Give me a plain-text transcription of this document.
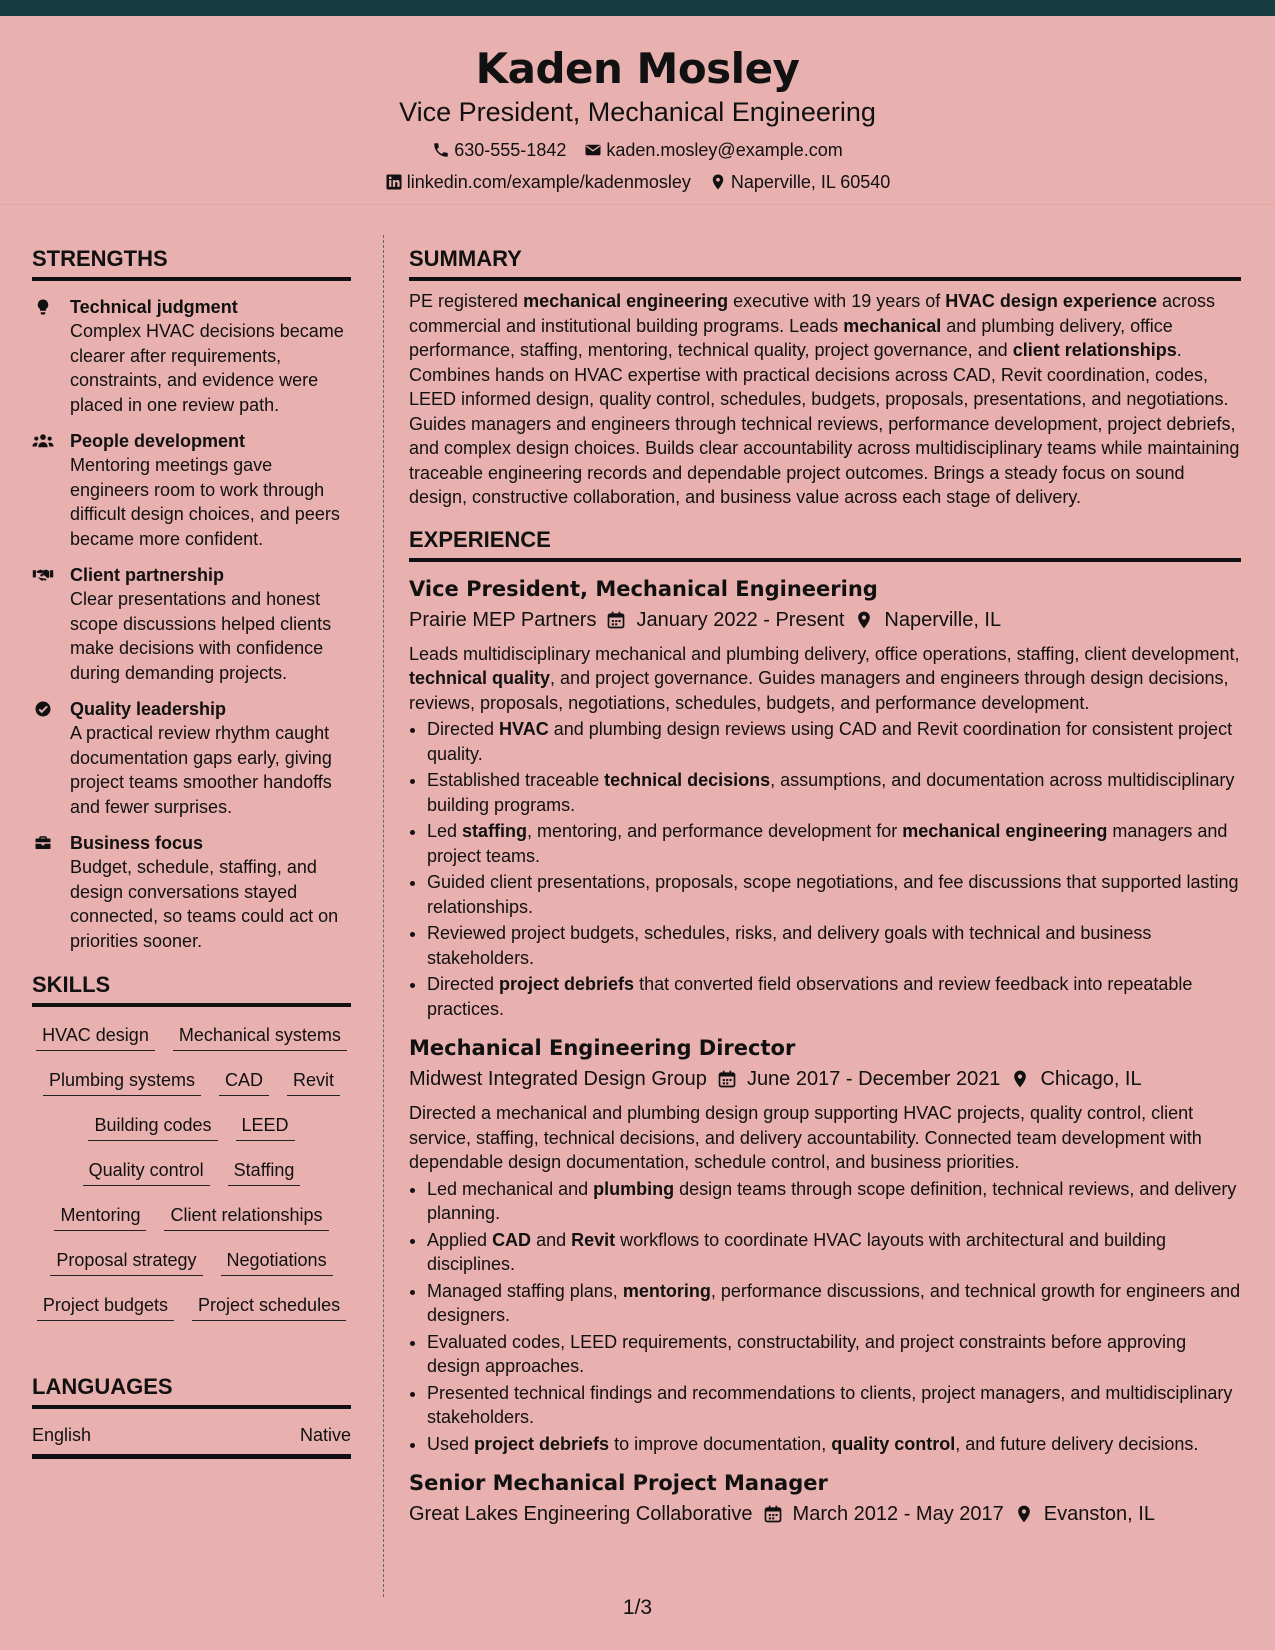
Kaden Mosley
Vice President, Mechanical Engineering
630-555-1842 kaden.mosley@example.com
linkedin.com/example/kadenmosley Naperville, IL 60540
STRENGTHS
Technical judgment
Complex HVAC decisions became clearer after requirements, constraints, and evidence were placed in one review path.
People development
Mentoring meetings gave engineers room to work through difficult design choices, and peers became more confident.
Client partnership
Clear presentations and honest scope discussions helped clients make decisions with confidence during demanding projects.
Quality leadership
A practical review rhythm caught documentation gaps early, giving project teams smoother handoffs and fewer surprises.
Business focus
Budget, schedule, staffing, and design conversations stayed connected, so teams could act on priorities sooner.
SKILLS
HVAC design	Mechanical systems
Plumbing systems	CAD	Revit
Building codes	LEED
Quality control	Staffing
Mentoring	Client relationships
Proposal strategy	Negotiations
Project budgets	Project schedules
LANGUAGES
English	Native
SUMMARY

PE registered mechanical engineering executive with 19 years of HVAC design experience across commercial and institutional building programs. Leads mechanical and plumbing delivery, office performance, staffing, mentoring, technical quality, project governance, and client relationships. Combines hands on HVAC expertise with practical decisions across CAD, Revit coordination, codes, LEED informed design, quality control, schedules, budgets, proposals, presentations, and negotiations. Guides managers and engineers through technical reviews, performance development, project debriefs, and complex design choices. Builds clear accountability across multidisciplinary teams while maintaining traceable engineering records and dependable project outcomes. Brings a steady focus on sound design, constructive collaboration, and business value across each stage of delivery.

EXPERIENCE
Vice President, Mechanical Engineering
Prairie MEP Partners January 2022 - Present Naperville, IL

Leads multidisciplinary mechanical and plumbing delivery, office operations, staffing, client development, technical quality, and project governance. Guides managers and engineers through design decisions, reviews, proposals, negotiations, schedules, budgets, and performance development.

• Directed HVAC and plumbing design reviews using CAD and Revit coordination for consistent project quality.
• Established traceable technical decisions, assumptions, and documentation across multidisciplinary building programs.
• Led staffing, mentoring, and performance development for mechanical engineering managers and project teams.
• Guided client presentations, proposals, scope negotiations, and fee discussions that supported lasting relationships.
• Reviewed project budgets, schedules, risks, and delivery goals with technical and business stakeholders.
• Directed project debriefs that converted field observations and review feedback into repeatable practices.
Mechanical Engineering Director
Midwest Integrated Design Group June 2017 - December 2021 Chicago, IL

Directed a mechanical and plumbing design group supporting HVAC projects, quality control, client service, staffing, technical decisions, and delivery accountability. Connected team development with dependable design documentation, schedule control, and business priorities.

• Led mechanical and plumbing design teams through scope definition, technical reviews, and delivery planning.
• Applied CAD and Revit workflows to coordinate HVAC layouts with architectural and building disciplines.
• Managed staffing plans, mentoring, performance discussions, and technical growth for engineers and designers.
• Evaluated codes, LEED requirements, constructability, and project constraints before approving design approaches.
• Presented technical findings and recommendations to clients, project managers, and multidisciplinary stakeholders.
• Used project debriefs to improve documentation, quality control, and future delivery decisions.
Senior Mechanical Project Manager
Great Lakes Engineering Collaborative March 2012 - May 2017 Evanston, IL
1/3
